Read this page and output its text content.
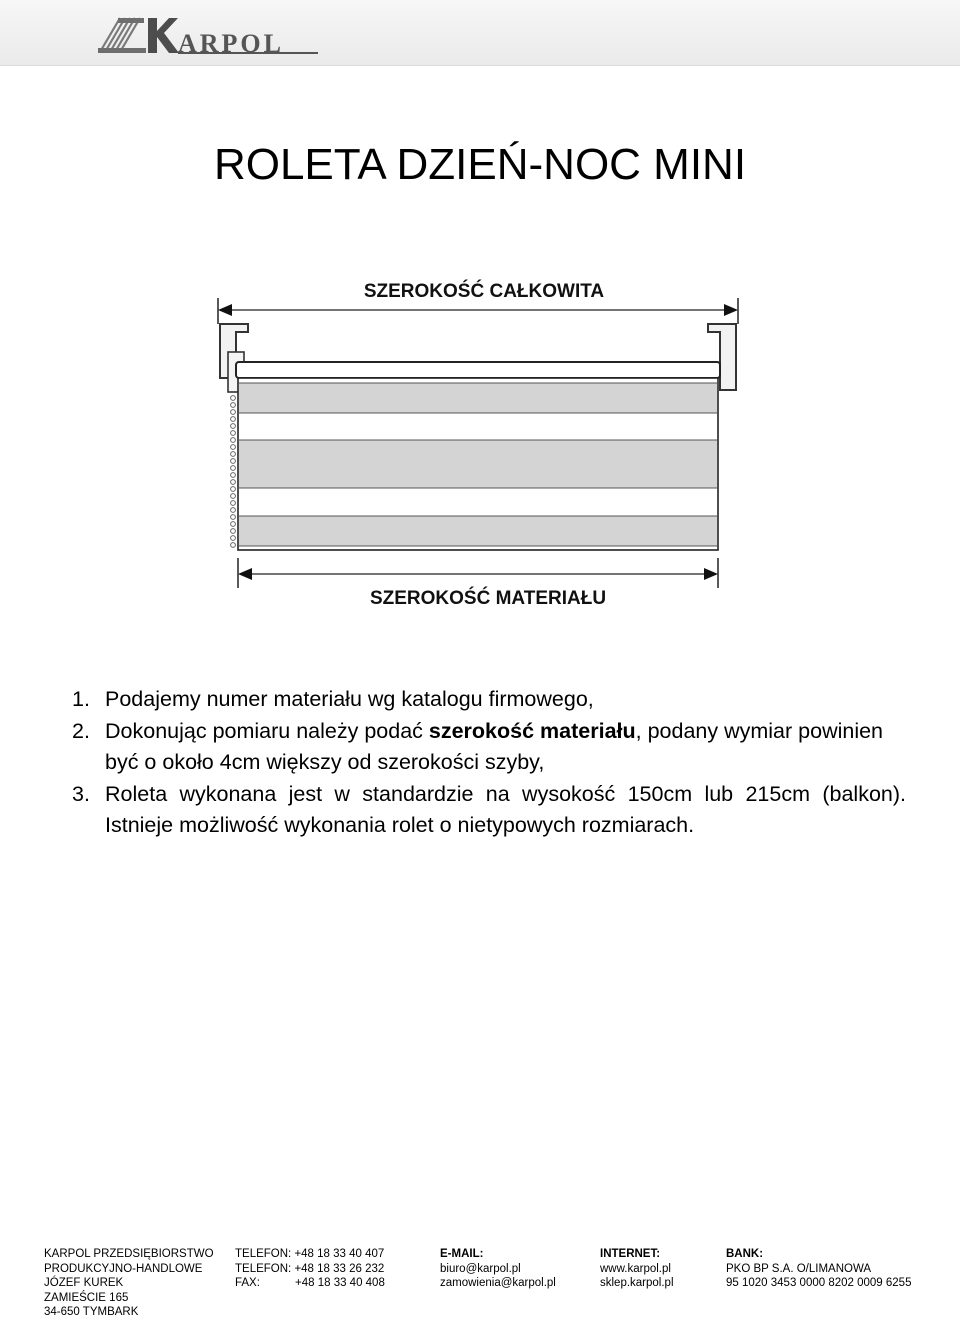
ARPOL
ROLETA DZIEŃ-NOC MINI
SZEROKOŚĆ CAŁKOWITA
SZEROKOŚĆ MATERIAŁU
1. Podajemy numer materiału wg katalogu firmowego,
2. Dokonując pomiaru należy podać szerokość materiału, podany wymiar powinien być o około 4cm większy od szerokości szyby,
3. Roleta wykonana jest w standardzie na wysokość 150cm lub 215cm (balkon). Istnieje możliwość wykonania rolet o nietypowych rozmiarach.
KARPOL PRZEDSIĘBIORSTWO
PRODUKCYJNO-HANDLOWE
JÓZEF KUREK
ZAMIEŚCIE 165
34-650 TYMBARK
TELEFON: +48 18 33 40 407
TELEFON: +48 18 33 26 232
FAX:	+48 18 33 40 408
E-MAIL:
biuro@karpol.pl
zamowienia@karpol.pl
INTERNET:
www.karpol.pl
sklep.karpol.pl
BANK:
PKO BP S.A. O/LIMANOWA
95 1020 3453 0000 8202 0009 6255
